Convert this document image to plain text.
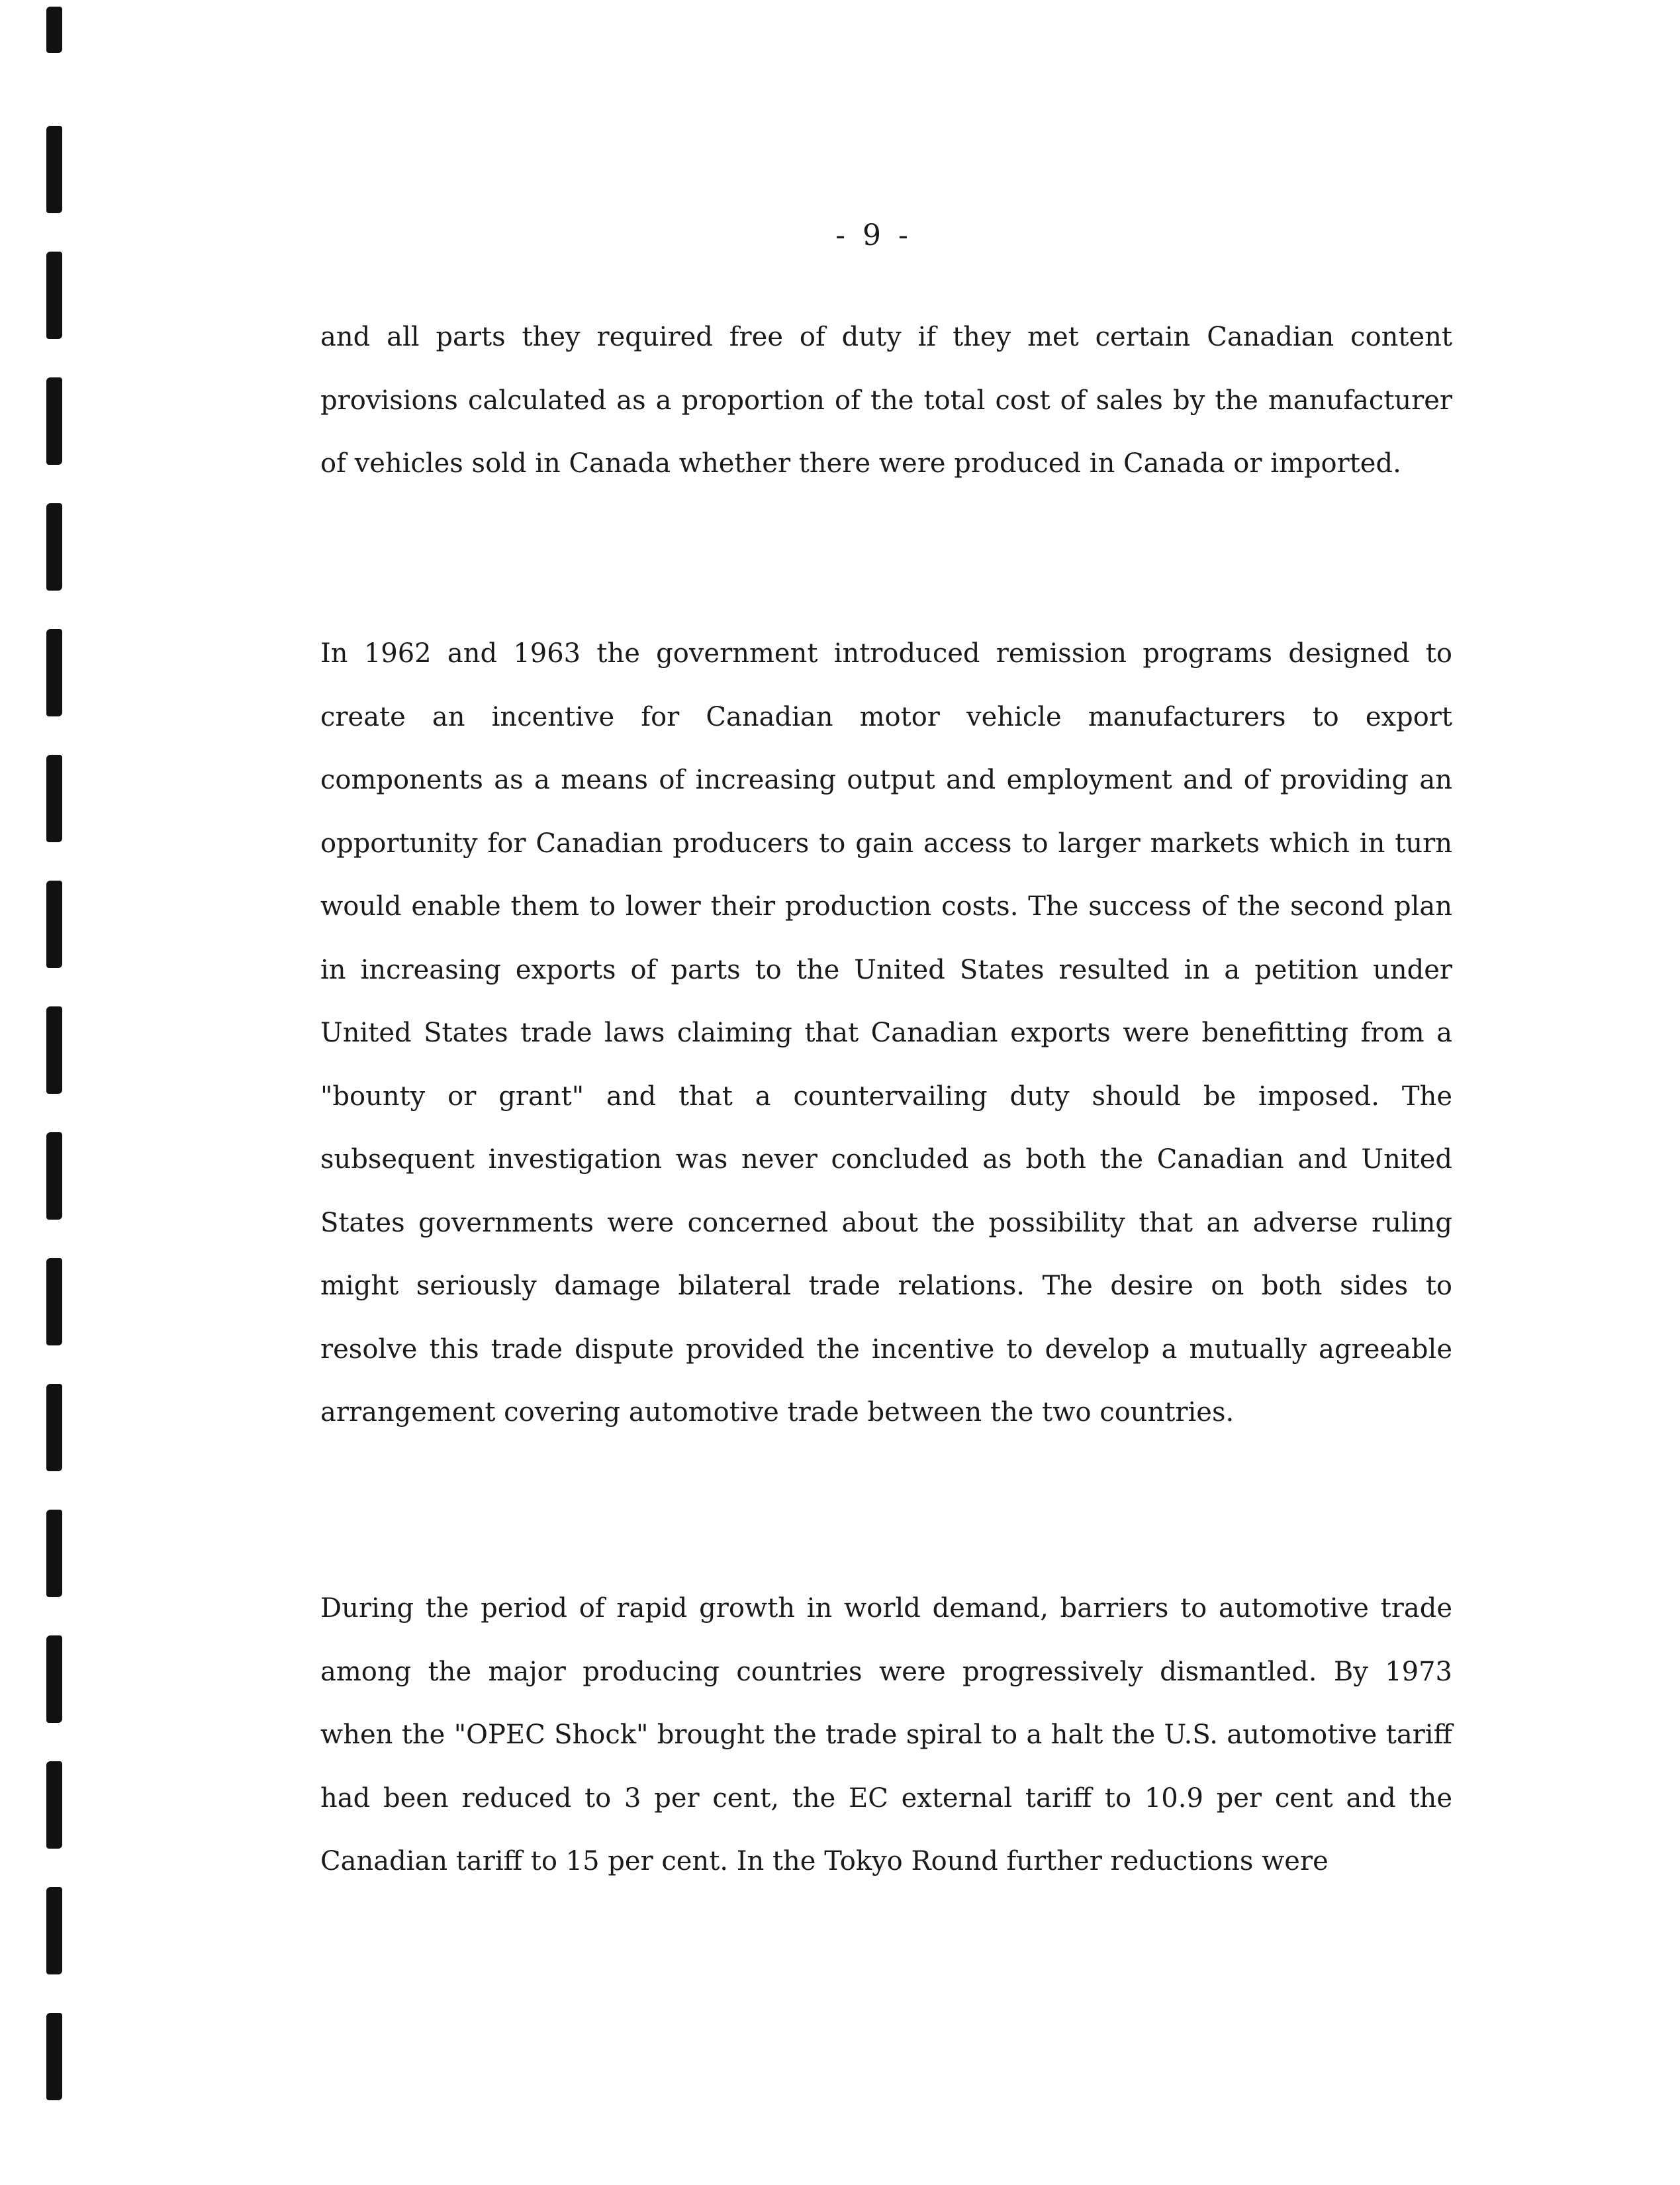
- 9 -

and all parts they required free of duty if they met certain Canadian content provisions calculated as a proportion of the total cost of sales by the manufacturer of vehicles sold in Canada whether there were produced in Canada or imported.

In 1962 and 1963 the government introduced remission programs designed to create an incentive for Canadian motor vehicle manufacturers to export components as a means of increasing output and employment and of providing an opportunity for Canadian producers to gain access to larger markets which in turn would enable them to lower their production costs. The success of the second plan in increasing exports of parts to the United States resulted in a petition under United States trade laws claiming that Canadian exports were benefitting from a "bounty or grant" and that a countervailing duty should be imposed. The subsequent investigation was never concluded as both the Canadian and United States governments were concerned about the possibility that an adverse ruling might seriously damage bilateral trade relations. The desire on both sides to resolve this trade dispute provided the incentive to develop a mutually agreeable arrangement covering automotive trade between the two countries.

During the period of rapid growth in world demand, barriers to automotive trade among the major producing countries were progressively dismantled. By 1973 when the "OPEC Shock" brought the trade spiral to a halt the U.S. automotive tariff had been reduced to 3 per cent, the EC external tariff to 10.9 per cent and the Canadian tariff to 15 per cent. In the Tokyo Round further reductions were
